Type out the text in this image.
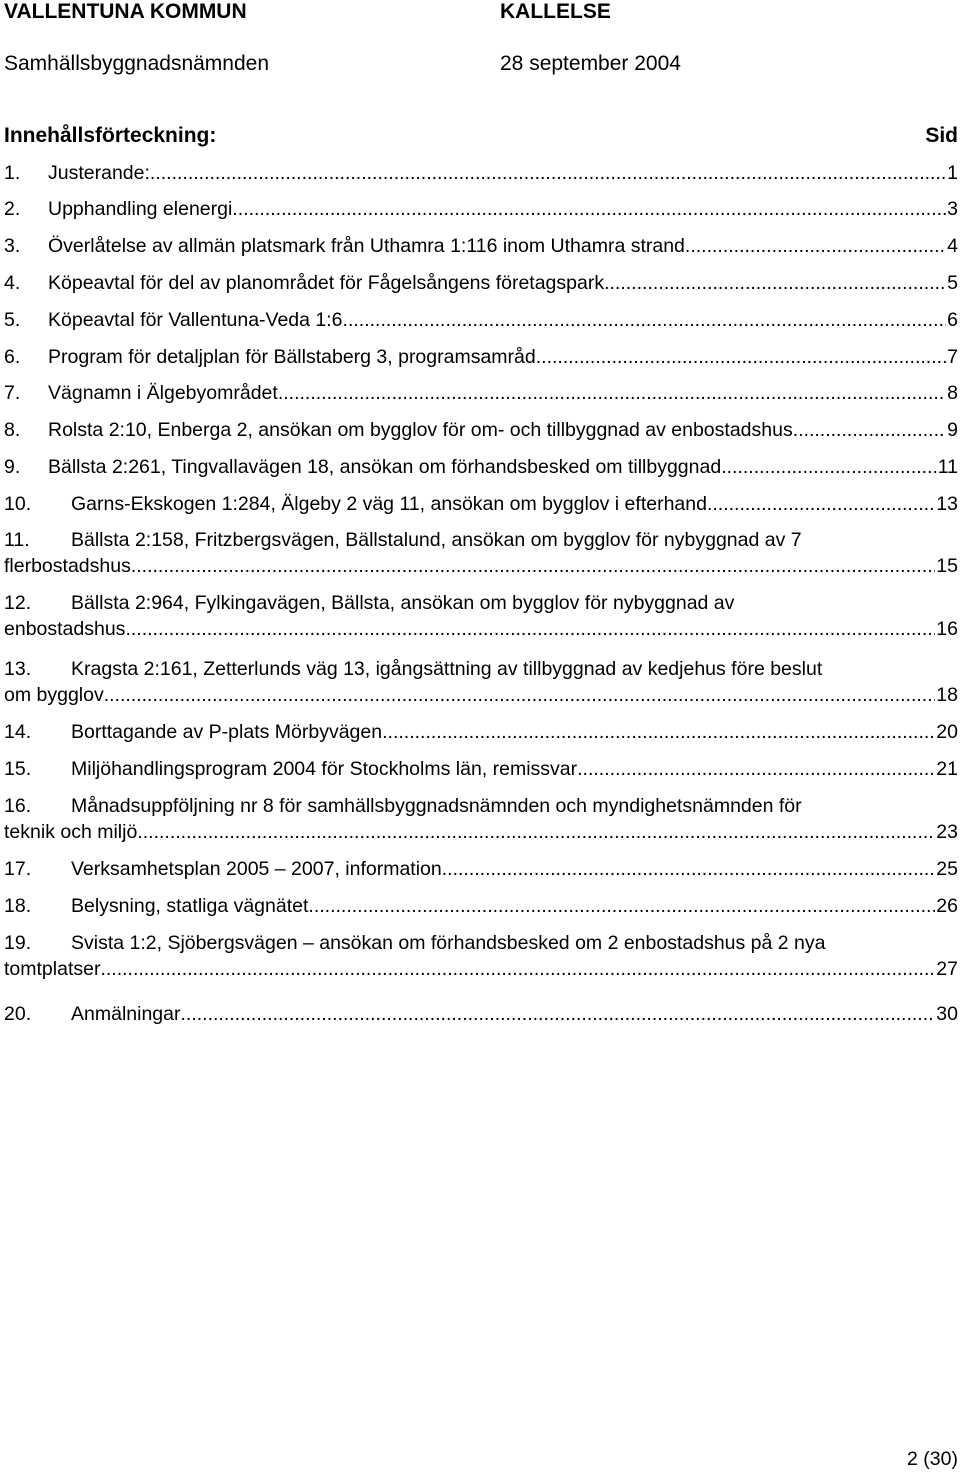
VALLENTUNA KOMMUN	KALLELSE
Samhällsbyggnadsnämnden	28 september 2004
Innehållsförteckning:	Sid
1.	Justerande: .....	1
2.	Upphandling elenergi. .....	3
3.	Överlåtelse av allmän platsmark från Uthamra 1:116 inom Uthamra strand. .....	4
4.	Köpeavtal för del av planområdet för Fågelsångens företagspark. .....	5
5.	Köpeavtal för Vallentuna-Veda 1:6 .....	6
6.	Program för detaljplan för Bällstaberg 3, programsamråd .....	7
7.	Vägnamn i Älgebyområdet .....	8
8.	Rolsta 2:10, Enberga 2, ansökan om bygglov för om- och tillbyggnad av enbostadshus .....	9
9.	Bällsta 2:261, Tingvallavägen 18, ansökan om förhandsbesked om tillbyggnad .....	11
10.	Garns-Ekskogen 1:284, Älgeby 2 väg 11, ansökan om bygglov i efterhand .....	13
11. Bällsta 2:158, Fritzbergsvägen, Bällstalund, ansökan om bygglov för nybyggnad av 7
flerbostadshus .....	15
12. Bällsta 2:964, Fylkingavägen, Bällsta, ansökan om bygglov för nybyggnad av
enbostadshus .....	16
13. Kragsta 2:161, Zetterlunds väg 13, igångsättning av tillbyggnad av kedjehus före beslut
om bygglov .....	18
14.	Borttagande av P-plats Mörbyvägen .....	20
15.	Miljöhandlingsprogram 2004 för Stockholms län, remissvar .....	21
16. Månadsuppföljning nr 8 för samhällsbyggnadsnämnden och myndighetsnämnden för
teknik och miljö .....	23
17.	Verksamhetsplan 2005 – 2007, information .....	25
18.	Belysning, statliga vägnätet .....	26
19. Svista 1:2, Sjöbergsvägen – ansökan om förhandsbesked om 2 enbostadshus på 2 nya
tomtplatser .....	27
20.	Anmälningar .....	30
2 (30)
